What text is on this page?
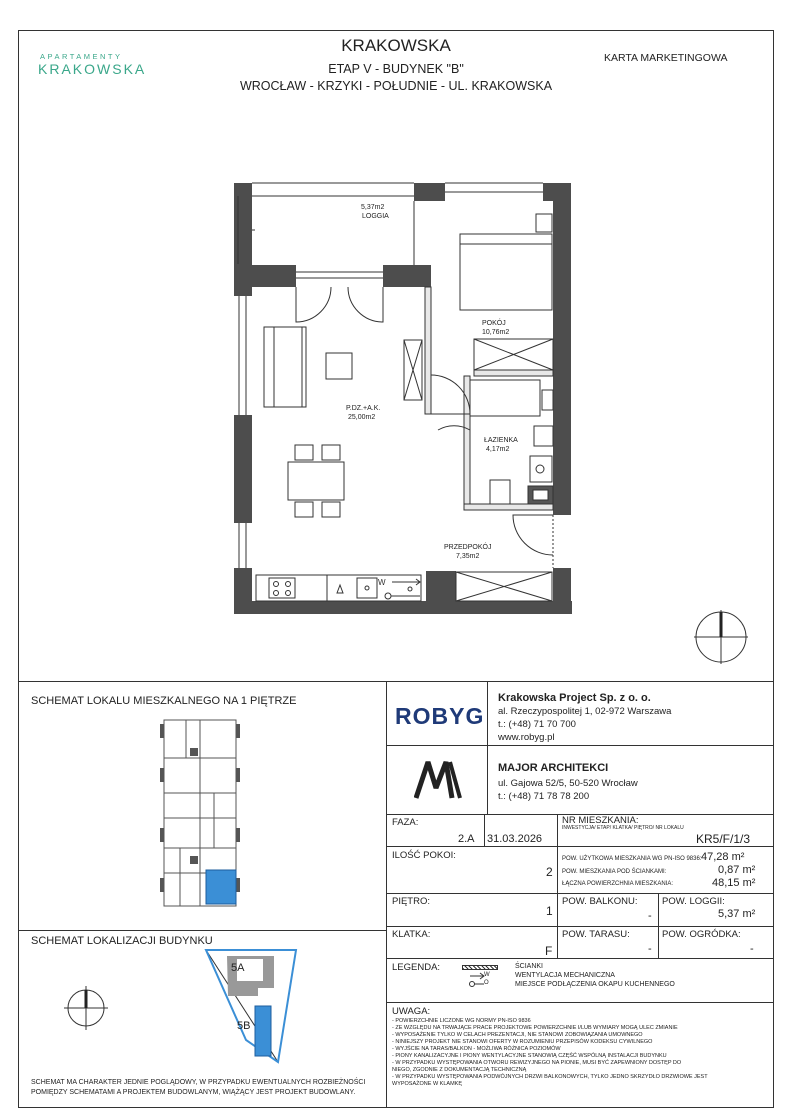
APARTAMENTY
KRAKOWSKA
KRAKOWSKA
ETAP V - BUDYNEK "B"
WROCŁAW - KRZYKI - POŁUDNIE - UL. KRAKOWSKA
KARTA MARKETINGOWA
W
5,37m2
LOGGIA
POKÓJ
10,76m2
P.DZ.+A.K.
25,00m2
ŁAZIENKA
4,17m2
PRZEDPOKÓJ
7,35m2
SCHEMAT LOKALU MIESZKALNEGO NA 1 PIĘTRZE
SCHEMAT LOKALIZACJI BUDYNKU
5A
5B
SCHEMAT MA CHARAKTER JEDNIE POGLĄDOWY, W PRZYPADKU EWENTUALNYCH ROZBIEŻNOŚCI POMIĘDZY SCHEMATAMI A PROJEKTEM BUDOWLANYM, WIĄŻĄCY JEST PROJEKT BUDOWLANY.
ROBYG
Krakowska Project Sp. z o. o.
al. Rzeczypospolitej 1, 02-972 Warszawa
t.: (+48) 71 70 700
www.robyg.pl
MAJOR ARCHITEKCI
ul. Gajowa 52/5, 50-520 Wrocław
t.: (+48) 71 78 78 200
FAZA:
2.A 31.03.2026
NR MIESZKANIA:
INWESTYCJA/ ETAP/ KLATKA/ PIĘTRO/ NR LOKALU
KR5/F/1/3
ILOŚĆ POKOI:
2
POW. UŻYTKOWA MIESZKANIA WG PN-ISO 9836: 47,28 m²
POW. MIESZKANIA POD ŚCIANKAMI:	0,87 m²
ŁĄCZNA POWIERZCHNIA MIESZKANIA:	48,15 m²
PIĘTRO:
1
POW. BALKONU:
-
POW. LOGGII:
5,37 m²
KLATKA:
F
POW. TARASU:
-
POW. OGRÓDKA:
-
LEGENDA:
W
O
ŚCIANKI
WENTYLACJA MECHANICZNA
MIEJSCE PODŁĄCZENIA OKAPU KUCHENNEGO
UWAGA:
- POWIERZCHNIE LICZONE WG NORMY PN-ISO 9836
- ZE WZGLĘDU NA TRWAJĄCE PRACE PROJEKTOWE POWIERZCHNIE I/LUB WYMIARY MOGĄ ULEC ZMIANIE
- WYPOSAŻENIE TYLKO W CELACH PREZENTACJI, NIE STANOWI ZOBOWIĄZANIA UMOWNEGO
- NINIEJSZY PROJEKT NIE STANOWI OFERTY W ROZUMIENIU PRZEPISÓW KODEKSU CYWILNEGO
- WYJŚCIE NA TARAS/BALKON - MOŻLIWA RÓŻNICA POZIOMÓW
- PIONY KANALIZACYJNE I PIONY WENTYLACYJNE STANOWIĄ CZĘŚĆ WSPÓLNĄ INSTALACJI BUDYNKU
- W PRZYPADKU WYSTĘPOWANIA OTWORU REWIZYJNEGO NA PIONIE, MUSI BYĆ ZAPEWNIONY DOSTĘP DO NIEGO, ZGODNIE Z DOKUMENTACJĄ TECHNICZNĄ
- W PRZYPADKU WYSTĘPOWANIA PODWÓJNYCH DRZWI BALKONOWYCH, TYLKO JEDNO SKRZYDŁO DRZWIOWE JEST WYPOSAŻONE W KLAMKĘ
